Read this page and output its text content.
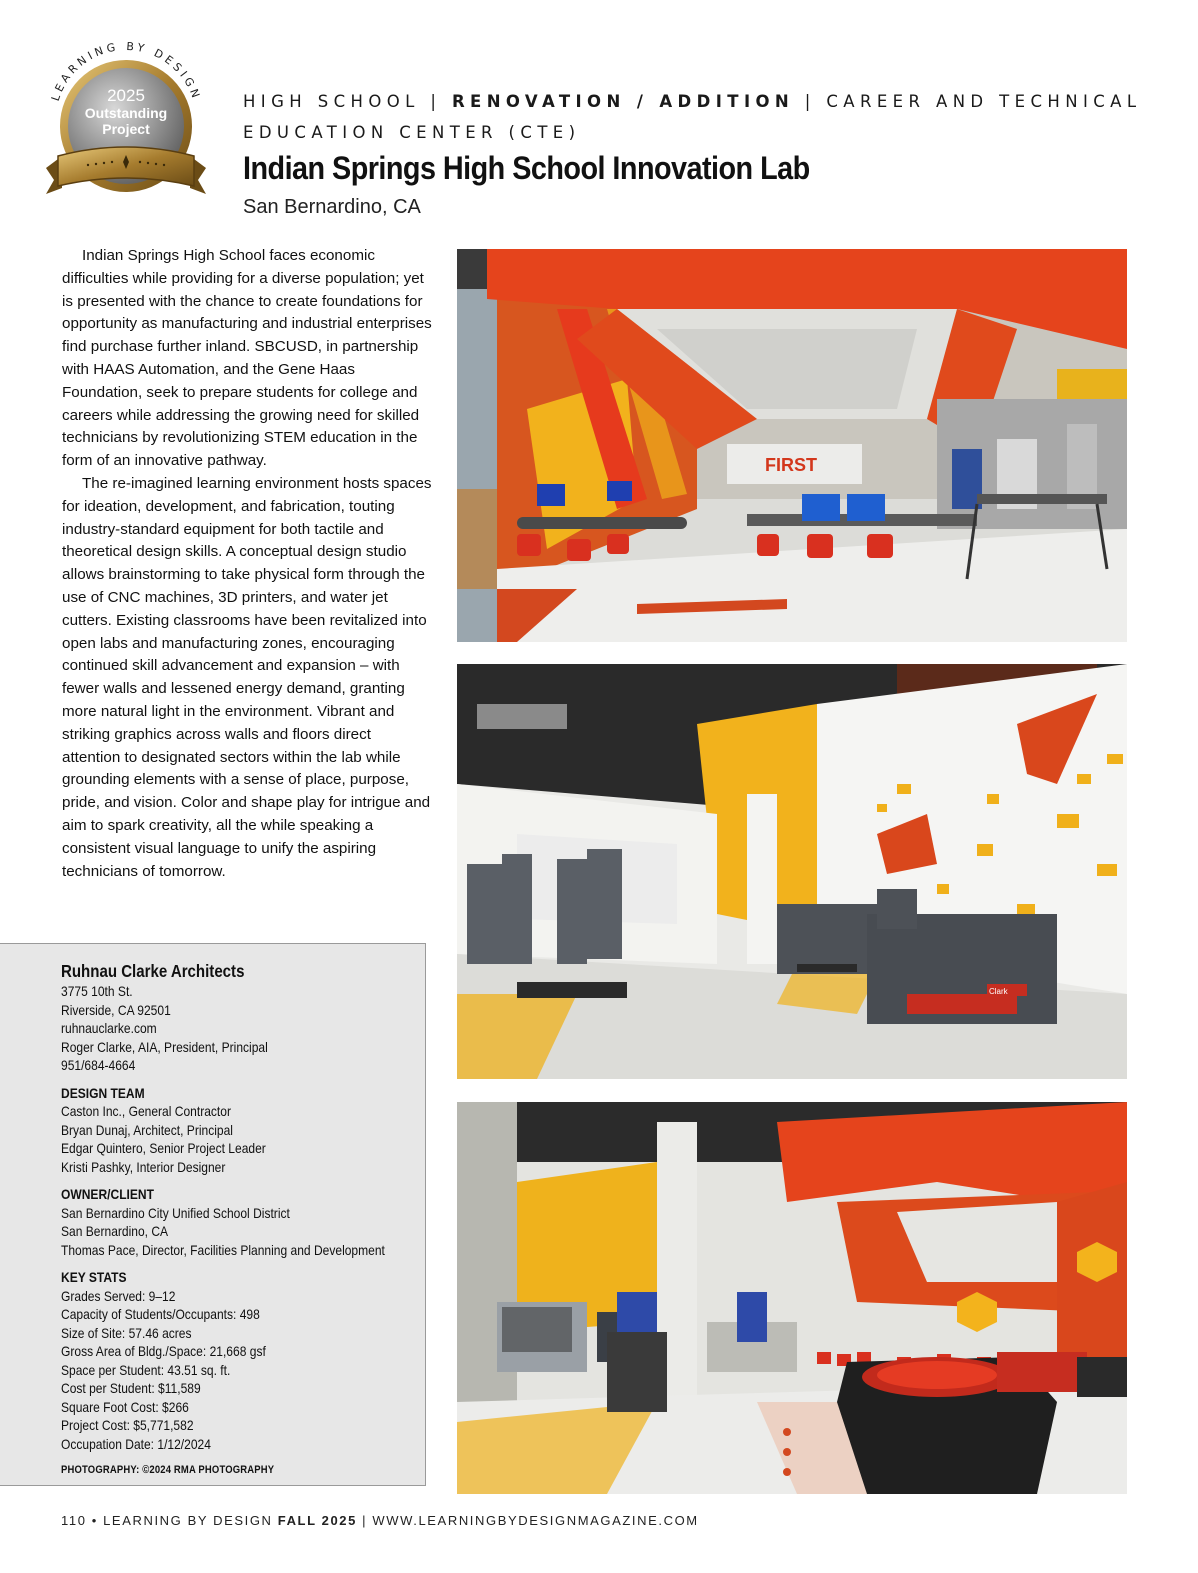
LEARNING BY DESIGN
2025
Outstanding
Project
HIGH SCHOOL | RENOVATION / ADDITION | CAREER AND TECHNICAL EDUCATION CENTER (CTE)
Indian Springs High School Innovation Lab
San Bernardino, CA

Indian Springs High School faces economic difficulties while providing for a diverse population; yet is presented with the chance to create foundations for opportunity as manufacturing and industrial enterprises find purchase further inland. SBCUSD, in partnership with HAAS Automation, and the Gene Haas Foundation, seek to prepare students for college and careers while addressing the growing need for skilled technicians by revolutionizing STEM education in the form of an innovative pathway.

The re-imagined learning environment hosts spaces for ideation, development, and fabrication, touting industry-standard equipment for both tactile and theoretical design skills. A conceptual design studio allows brainstorming to take physical form through the use of CNC machines, 3D printers, and water jet cutters. Existing classrooms have been revitalized into open labs and manufacturing zones, encouraging continued skill advancement and expansion – with fewer walls and lessened energy demand, granting more natural light in the environment. Vibrant and striking graphics across walls and floors direct attention to designated sectors within the lab while grounding elements with a sense of place, purpose, pride, and vision. Color and shape play for intrigue and aim to spark creativity, all the while speaking a consistent visual language to unify the aspiring technicians of tomorrow.

Ruhnau Clarke Architects
3775 10th St.
Riverside, CA 92501
ruhnauclarke.com
Roger Clarke, AIA, President, Principal
951/684-4664
DESIGN TEAM
Caston Inc., General Contractor
Bryan Dunaj, Architect, Principal
Edgar Quintero, Senior Project Leader
Kristi Pashky, Interior Designer
OWNER/CLIENT
San Bernardino City Unified School District
San Bernardino, CA
Thomas Pace, Director, Facilities Planning and Development
KEY STATS
Grades Served: 9–12
Capacity of Students/Occupants: 498
Size of Site: 57.46 acres
Gross Area of Bldg./Space: 21,668 gsf
Space per Student: 43.51 sq. ft.
Cost per Student: $11,589
Square Foot Cost: $266
Project Cost: $5,771,582
Occupation Date: 1/12/2024
PHOTOGRAPHY: ©2024 RMA PHOTOGRAPHY
FIRST
Clark
110 • LEARNING BY DESIGN FALL 2025 | WWW.LEARNINGBYDESIGNMAGAZINE.COM
